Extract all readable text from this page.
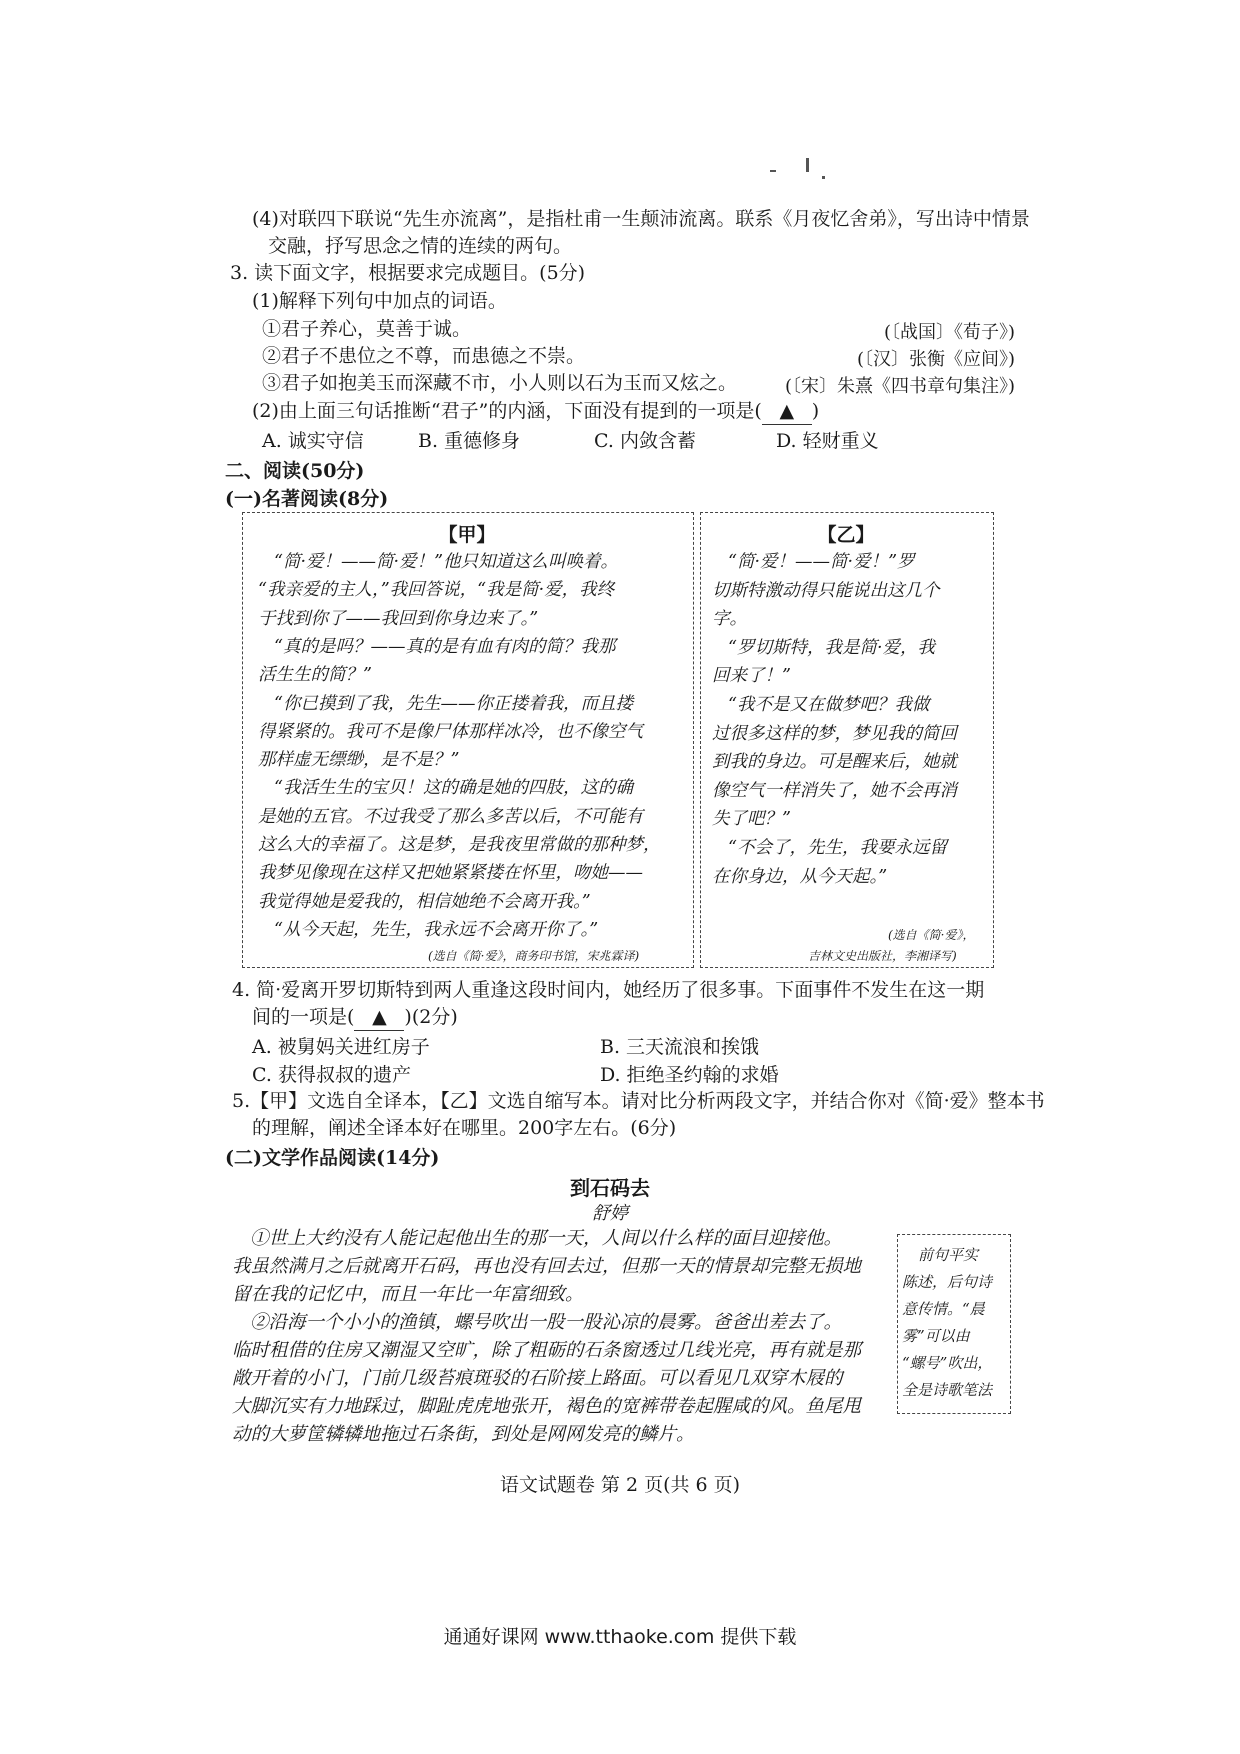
(4)对联四下联说“先生亦流离”，是指杜甫一生颠沛流离。联系《月夜忆舍弟》，写出诗中情景
交融，抒写思念之情的连续的两句。
3. 读下面文字，根据要求完成题目。(5分)
(1)解释下列句中加点的词语。
①君子养心，莫善于诚。	(〔战国〕《荀子》)
②君子不患位之不尊，而患德之不崇。	(〔汉〕张衡《应间》)
③君子如抱美玉而深藏不市，小人则以石为玉而又炫之。	(〔宋〕朱熹《四书章句集注》)
(2)由上面三句话推断“君子”的内涵，下面没有提到的一项是( ▲ )
A. 诚实守信	B. 重德修身	C. 内敛含蓄	D. 轻财重义
二、阅读(50分)
(一)名著阅读(8分)
【甲】
“简·爱！——简·爱！”他只知道这么叫唤着。
“我亲爱的主人，”我回答说，“我是简·爱，我终
于找到你了——我回到你身边来了。”
“真的是吗？——真的是有血有肉的简？我那
活生生的简？”
“你已摸到了我，先生——你正搂着我，而且搂
得紧紧的。我可不是像尸体那样冰冷，也不像空气
那样虚无缥缈，是不是？”
“我活生生的宝贝！这的确是她的四肢，这的确
是她的五官。不过我受了那么多苦以后，不可能有
这么大的幸福了。这是梦，是我夜里常做的那种梦，
我梦见像现在这样又把她紧紧搂在怀里，吻她——
我觉得她是爱我的，相信她绝不会离开我。”
“从今天起，先生，我永远不会离开你了。”
(选自《简·爱》，商务印书馆，宋兆霖译)
【乙】
“简·爱！——简·爱！”罗
切斯特激动得只能说出这几个
字。
“罗切斯特，我是简·爱，我
回来了！”
“我不是又在做梦吧？我做
过很多这样的梦，梦见我的简回
到我的身边。可是醒来后，她就
像空气一样消失了，她不会再消
失了吧？”
“不会了，先生，我要永远留
在你身边，从今天起。”
(选自《简·爱》，
吉林文史出版社，李湘译写)
4. 简·爱离开罗切斯特到两人重逢这段时间内，她经历了很多事。下面事件不发生在这一期
间的一项是( ▲ )(2分)
A. 被舅妈关进红房子	B. 三天流浪和挨饿
C. 获得叔叔的遗产	D. 拒绝圣约翰的求婚
5.【甲】文选自全译本，【乙】文选自缩写本。请对比分析两段文字，并结合你对《简·爱》整本书
的理解，阐述全译本好在哪里。200字左右。(6分)
(二)文学作品阅读(14分)
到石码去
舒婷
①世上大约没有人能记起他出生的那一天，人间以什么样的面目迎接他。
我虽然满月之后就离开石码，再也没有回去过，但那一天的情景却完整无损地
留在我的记忆中，而且一年比一年富细致。
②沿海一个小小的渔镇，螺号吹出一股一股沁凉的晨雾。爸爸出差去了。
临时租借的住房又潮湿又空旷，除了粗砺的石条窗透过几线光亮，再有就是那
敞开着的小门，门前几级苔痕斑驳的石阶接上路面。可以看见几双穿木屐的
大脚沉实有力地踩过，脚趾虎虎地张开，褐色的宽裤带卷起腥咸的风。鱼尾甩
动的大萝筐辚辚地拖过石条街，到处是网网发亮的鳞片。
前句平实
陈述，后句诗
意传情。“晨
雾”可以由
“螺号”吹出，
全是诗歌笔法
语文试题卷 第 2 页(共 6 页)
通通好课网 www.tthaoke.com 提供下载
